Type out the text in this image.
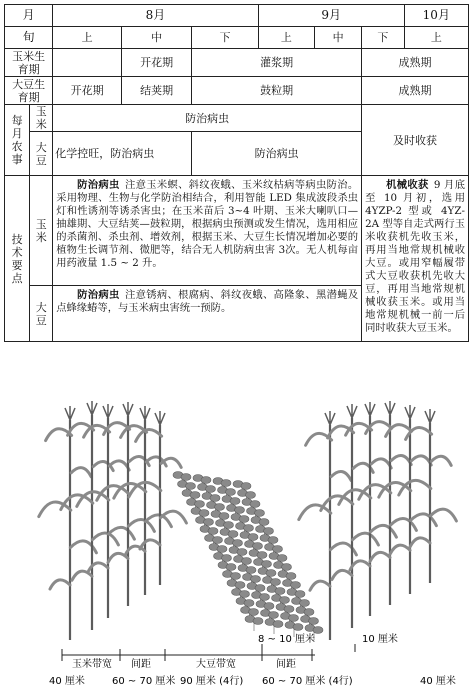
月		8月			9月			10月
旬		上	中	下	上	中	下	上
玉米生育期			开花期	灌浆期			成熟期	
大豆生育期		开花期	结荚期	鼓粒期			成熟期	
每月农事	玉米	防治病虫					及时收获	
	大豆	化学控旺，防治病虫		防治病虫				
技术要点	玉米	  防治病虫  注意玉米螟、斜纹夜蛾、玉米纹枯病等病虫防治。采用物理、生物与化学防治相结合，利用智能 LED 集成波段杀虫灯和性诱剂等诱杀害虫；在玉米苗后 3~4 叶期、玉米大喇叭口—抽雄期、大豆结荚—鼓粒期，根据病虫预测或发生情况，选用相应的杀菌剂、杀虫剂、增效剂，根据玉米、大豆生长情况增加必要的植物生长调节剂、微肥等，结合无人机防病虫害 3次。无人机每亩用药液量 1.5 ~ 2 升。	  				机械收获  9 月底至 10 月初，选用 4YZP-2 型或 4YZ-2A 型等自走式两行玉米收获机先收玉米，再用当地常规机械收大豆。或用窄幅履带式大豆收获机先收大豆，再用当地常规机械收获玉米。或用当地常规机械一前一后同时收获大豆玉米。	
	大豆	  防治病虫  注意锈病、根腐病、斜纹夜蛾、高隆象、黑潜蝇及点蜂缘蝽等，与玉米病虫害统一预防。						
玉米带宽 间距	大豆带宽	间距
40 厘米	60 ~ 70 厘米 90 厘米 (4行) 60 ~ 70 厘米 (4行)	40 厘米
8 ~ 10 厘米	10 厘米
